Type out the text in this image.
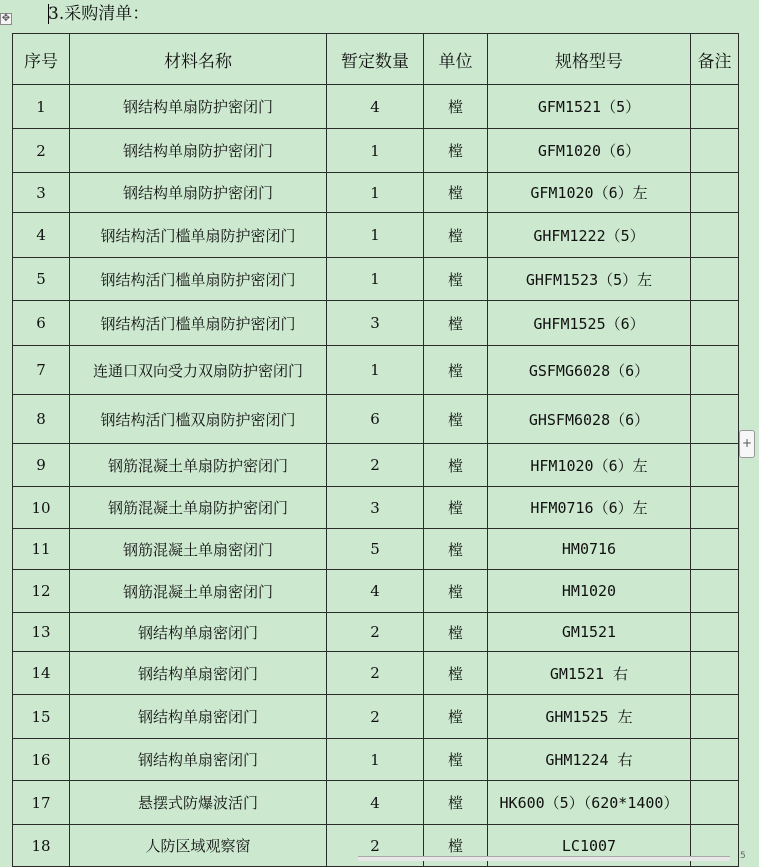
✥ 3.采购清单：
序号	材料名称	暂定数量	单位	规格型号	备注
1	钢结构单扇防护密闭门	4	樘	GFM1521（5）	
2	钢结构单扇防护密闭门	1	樘	GFM1020（6）	
3	钢结构单扇防护密闭门	1	樘	GFM1020（6）左	
4	钢结构活门槛单扇防护密闭门	1	樘	GHFM1222（5）	
5	钢结构活门槛单扇防护密闭门	1	樘	GHFM1523（5）左	
6	钢结构活门槛单扇防护密闭门	3	樘	GHFM1525（6）	
7	连通口双向受力双扇防护密闭门	1	樘	GSFMG6028（6）	
8	钢结构活门槛双扇防护密闭门	6	樘	GHSFM6028（6）	
9	钢筋混凝土单扇防护密闭门	2	樘	HFM1020（6）左	
10	钢筋混凝土单扇防护密闭门	3	樘	HFM0716（6）左	
11	钢筋混凝土单扇密闭门	5	樘	HM0716	
12	钢筋混凝土单扇密闭门	4	樘	HM1020	
13	钢结构单扇密闭门	2	樘	GM1521	
14	钢结构单扇密闭门	2	樘	GM1521 右	
15	钢结构单扇密闭门	2	樘	GHM1525 左	
16	钢结构单扇密闭门	1	樘	GHM1224 右	
17	悬摆式防爆波活门	4	樘	HK600（5）（620*1400）	
18	人防区域观察窗	2	樘	LC1007	
+
5
